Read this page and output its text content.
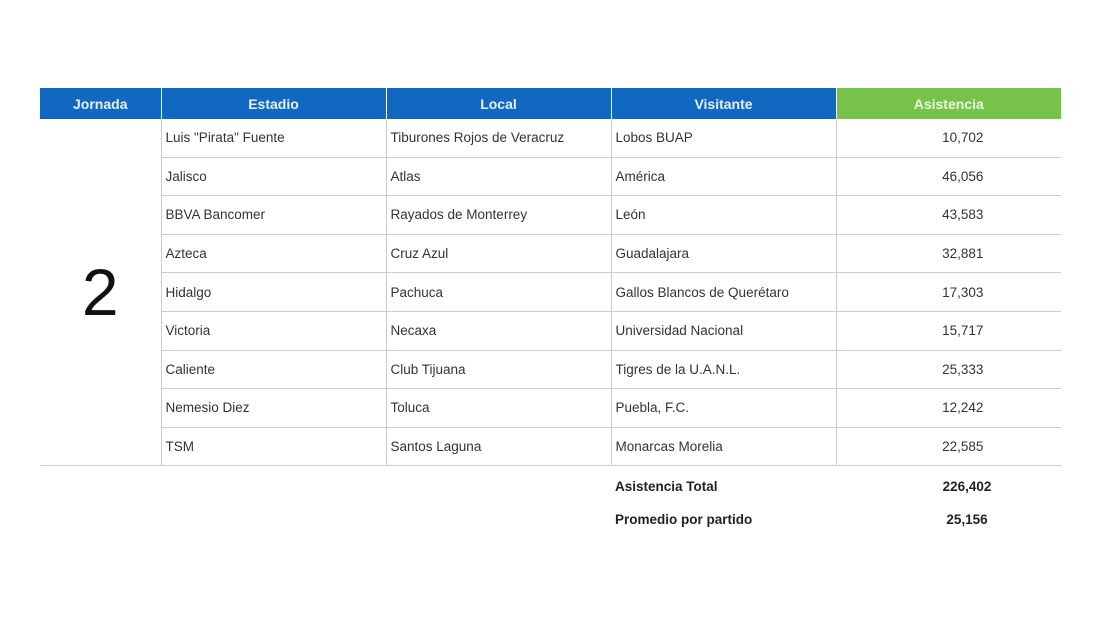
Jornada	Estadio	Local	Visitante	Asistencia
2	Luis "Pirata" Fuente	Tiburones Rojos de Veracruz	Lobos BUAP	10,702
	Jalisco	Atlas	América	46,056
	BBVA Bancomer	Rayados de Monterrey	León	43,583
	Azteca	Cruz Azul	Guadalajara	32,881
	Hidalgo	Pachuca	Gallos Blancos de Querétaro	17,303
	Victoria	Necaxa	Universidad Nacional	15,717
	Caliente	Club Tijuana	Tigres de la U.A.N.L.	25,333
	Nemesio Diez	Toluca	Puebla, F.C.	12,242
	TSM	Santos Laguna	Monarcas Morelia	22,585
Asistencia Total	226,402
Promedio por partido	25,156
